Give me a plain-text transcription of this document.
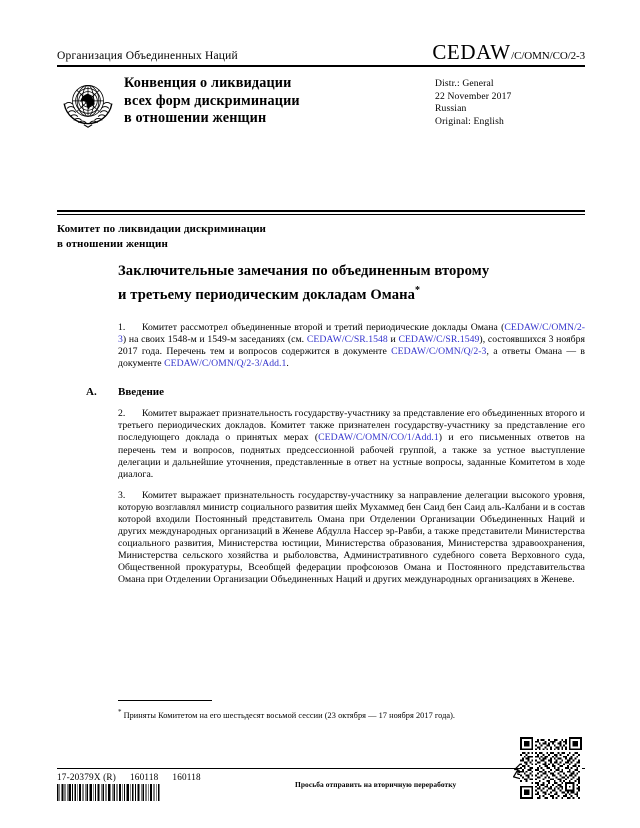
Организация Объединенных Наций	CEDAW /C/OMN/CO/2-3
Конвенция о ликвидации
всех форм дискриминации
в отношении женщин
Distr.: General
22 November 2017
Russian
Original: English
Комитет по ликвидации дискриминации
в отношении женщин
Заключительные замечания по объединенным второму
и третьему периодическим докладам Омана*

1. Комитет рассмотрел объединенные второй и третий периодические доклады Омана (CEDAW/C/OMN/2-3) на своих 1548-м и 1549-м заседаниях (см. CEDAW/C/SR.1548 и CEDAW/C/SR.1549), состоявшихся 3 ноября 2017 года. Перечень тем и вопросов содержится в документе CEDAW/C/OMN/Q/2-3, а ответы Омана — в документе CEDAW/C/OMN/Q/2-3/Add.1.

A. Введение

2. Комитет выражает признательность государству-участнику за представление его объединенных второго и третьего периодических докладов. Комитет также признателен государству-участнику за представление его последующего доклада о принятых мерах (CEDAW/C/OMN/CO/1/Add.1) и его письменных ответов на перечень тем и вопросов, поднятых предсессионной рабочей группой, а также за устное выступление делегации и дальнейшие уточнения, представленные в ответ на устные вопросы, заданные Комитетом в ходе диалога.

3. Комитет выражает признательность государству-участнику за направление делегации высокого уровня, которую возглавлял министр социального развития шейх Мухаммед бен Саид бен Саид аль-Калбани и в состав которой входили Постоянный представитель Омана при Отделении Организации Объединенных Наций и других международных организаций в Женеве Абдулла Нассер эр-Равби, а также представители Министерства социального развития, Министерства юстиции, Министерства образования, Министерства здравоохранения, Министерства сельского хозяйства и рыболовства, Административного судебного совета Верховного суда, Общественной прокуратуры, Всеобщей федерации профсоюзов Омана и Постоянного представительства Омана при Отделении Организации Объединенных Наций и других международных организациях в Женеве.

* Приняты Комитетом на его шестьдесят восьмой сессии (23 октября — 17 ноября 2017 года).
17-20379X (R) 160118 160118
Просьба отправить на вторичную переработку
